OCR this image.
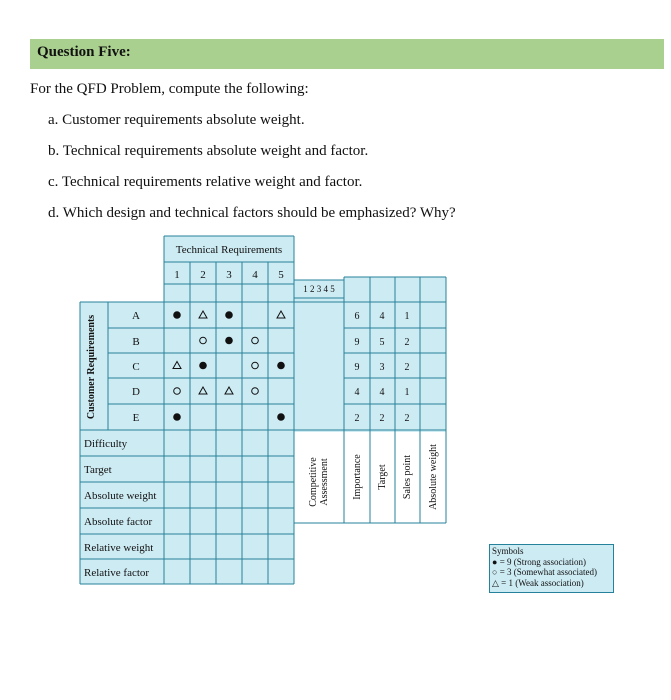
Question Five:
For the QFD Problem, compute the following:
a. Customer requirements absolute weight.
b. Technical requirements absolute weight and factor.
c. Technical requirements relative weight and factor.
d. Which design and technical factors should be emphasized? Why?
Technical Requirements
1 2 3 4 5
1 2 3 4 5
Customer Requirements	A
B
C
D
E
6 4 1
9 5 2
9 3 2
4 4 1
2 2 2
Difficulty
Target
Absolute weight
Absolute factor
Relative weight
Relative factor
Competitive Assessment Importance Target Sales point Absolute weight
Symbols
● = 9 (Strong association)
○ = 3 (Somewhat associated)
△ = 1 (Weak association)
